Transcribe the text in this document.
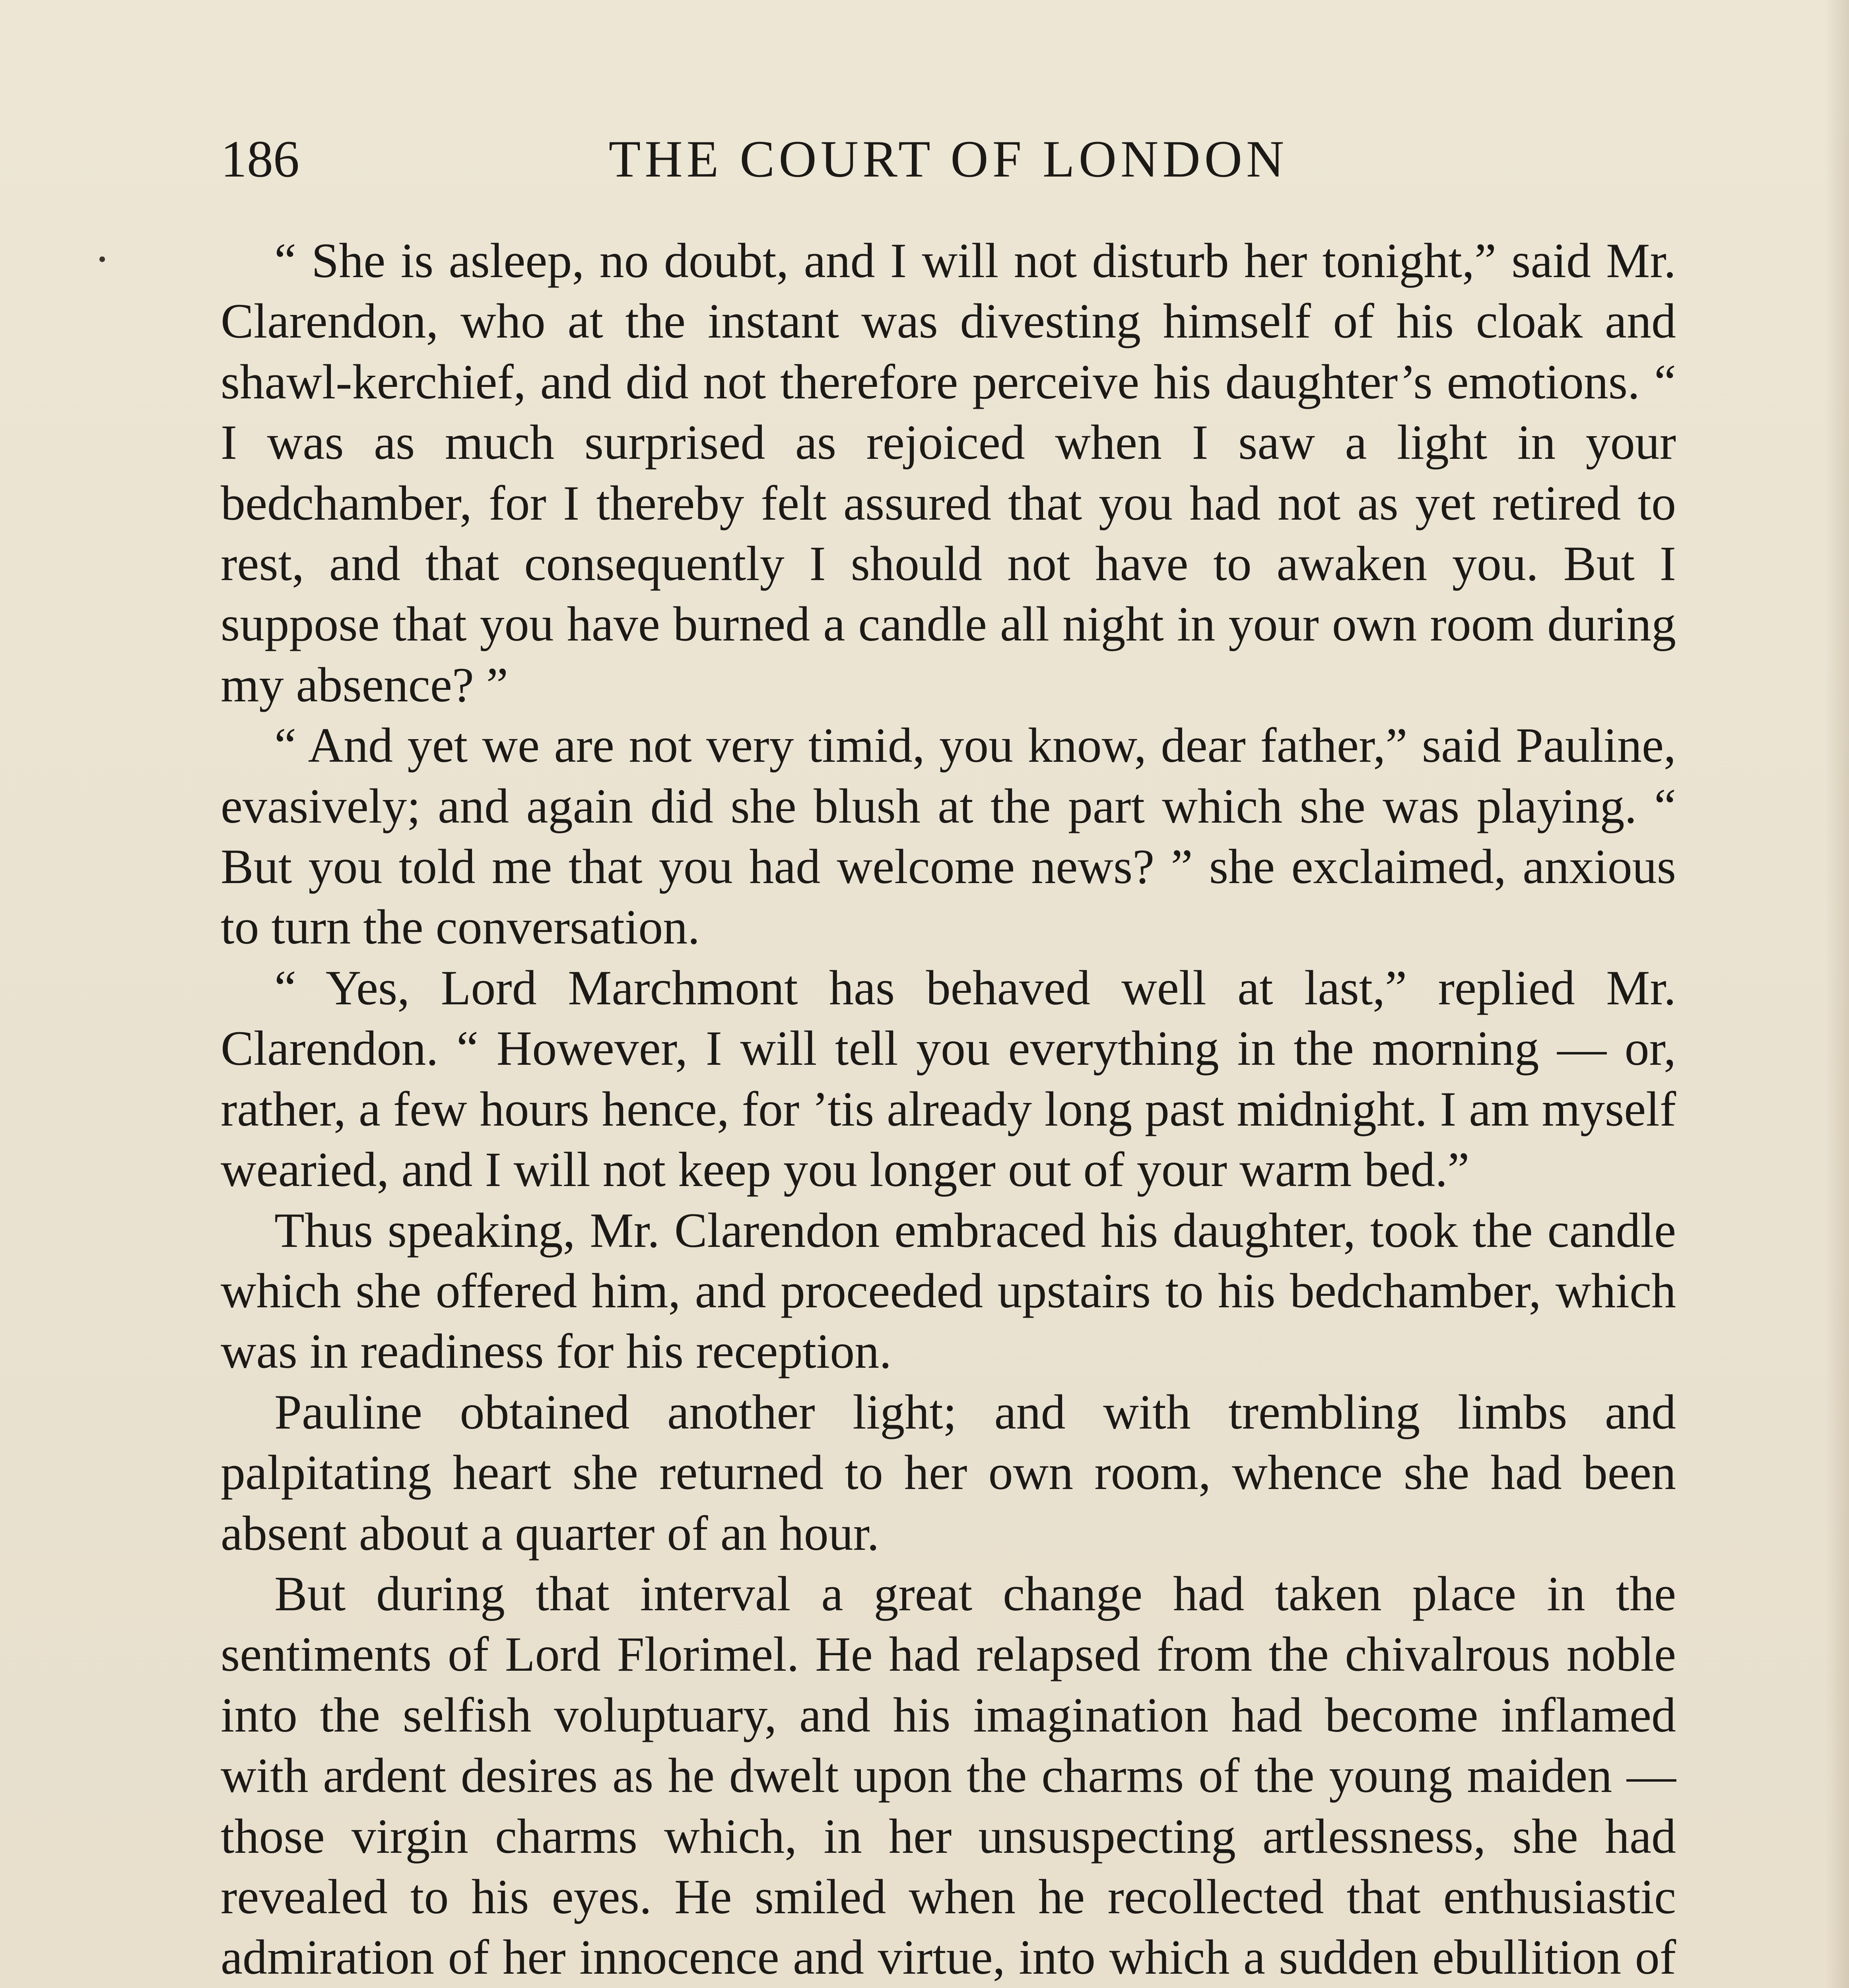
186	THE COURT OF LONDON

“ She is asleep, no doubt, and I will not disturb her tonight,” said Mr. Clarendon, who at the instant was divesting himself of his cloak and shawl-kerchief, and did not therefore perceive his daughter’s emotions. “ I was as much surprised as rejoiced when I saw a light in your bedchamber, for I thereby felt assured that you had not as yet retired to rest, and that consequently I should not have to awaken you. But I suppose that you have burned a candle all night in your own room during my absence? ”

“ And yet we are not very timid, you know, dear father,” said Pauline, evasively; and again did she blush at the part which she was playing. “ But you told me that you had welcome news? ” she exclaimed, anxious to turn the conversation.

“ Yes, Lord Marchmont has behaved well at last,” replied Mr. Clarendon. “ However, I will tell you everything in the morning — or, rather, a few hours hence, for ’tis already long past midnight. I am myself wearied, and I will not keep you longer out of your warm bed.”

Thus speaking, Mr. Clarendon embraced his daughter, took the candle which she offered him, and proceeded upstairs to his bedchamber, which was in readiness for his reception.

Pauline obtained another light; and with trembling limbs and palpitating heart she returned to her own room, whence she had been absent about a quarter of an hour.

But during that interval a great change had taken place in the sentiments of Lord Florimel. He had relapsed from the chivalrous noble into the selfish voluptuary, and his imagination had become inflamed with ardent desires as he dwelt upon the charms of the young maiden — those virgin charms which, in her unsuspecting artlessness, she had revealed to his eyes. He smiled when he recollected that enthusiastic admiration of her innocence and virtue, into which a sudden ebullition of
